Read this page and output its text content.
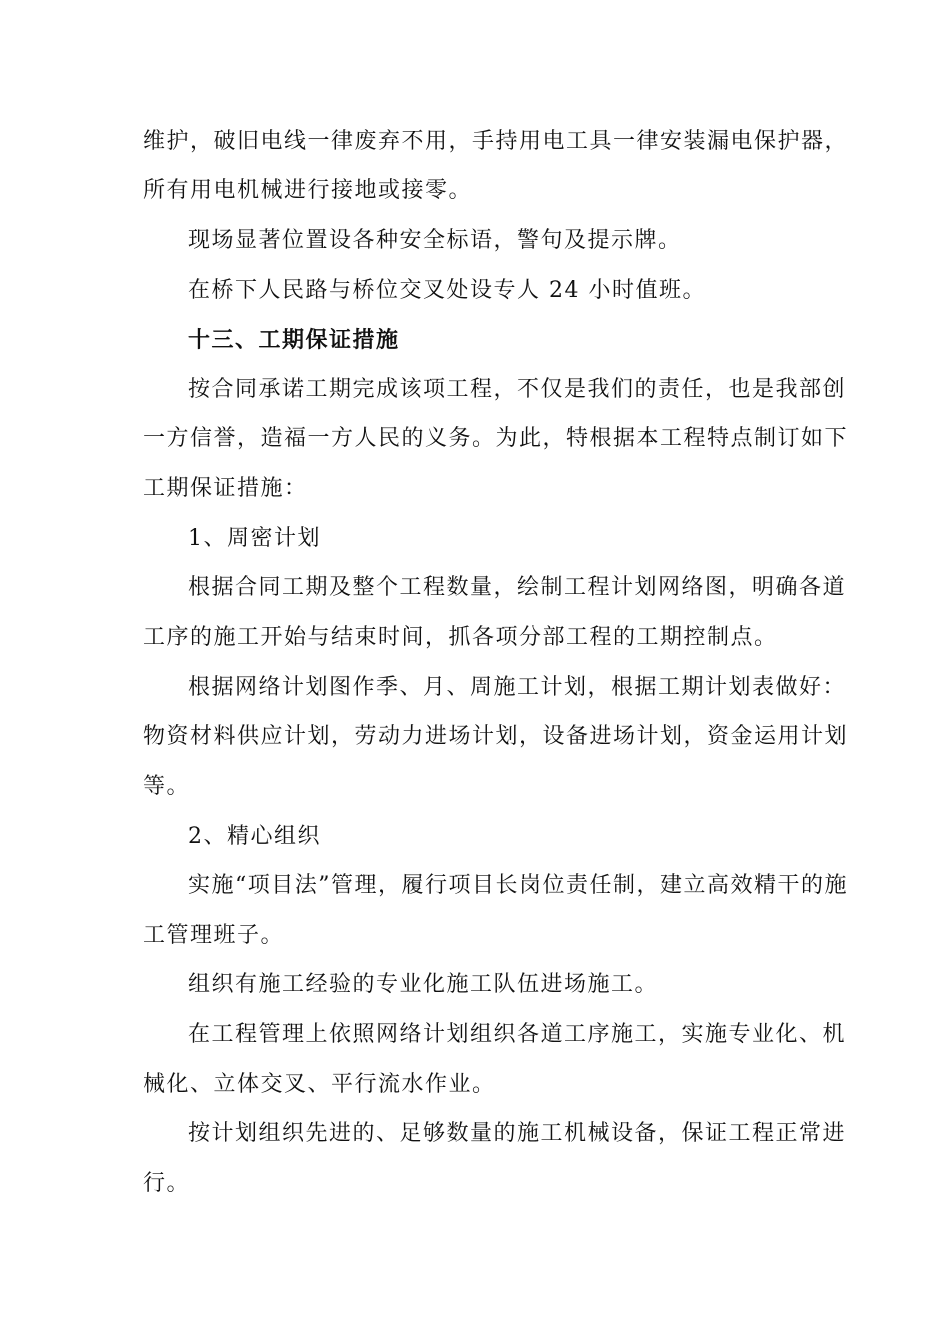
维护，破旧电线一律废弃不用，手持用电工具一律安装漏电保护器，
所有用电机械进行接地或接零。
现场显著位置设各种安全标语，警句及提示牌。
在桥下人民路与桥位交叉处设专人 24 小时值班。
十三、工期保证措施
按合同承诺工期完成该项工程，不仅是我们的责任，也是我部创
一方信誉，造福一方人民的义务。为此，特根据本工程特点制订如下
工期保证措施：
1、周密计划
根据合同工期及整个工程数量，绘制工程计划网络图，明确各道
工序的施工开始与结束时间，抓各项分部工程的工期控制点。
根据网络计划图作季、月、周施工计划，根据工期计划表做好：
物资材料供应计划，劳动力进场计划，设备进场计划，资金运用计划
等。
2、精心组织
实施“项目法”管理，履行项目长岗位责任制，建立高效精干的施
工管理班子。
组织有施工经验的专业化施工队伍进场施工。
在工程管理上依照网络计划组织各道工序施工，实施专业化、机
械化、立体交叉、平行流水作业。
按计划组织先进的、足够数量的施工机械设备，保证工程正常进
行。
